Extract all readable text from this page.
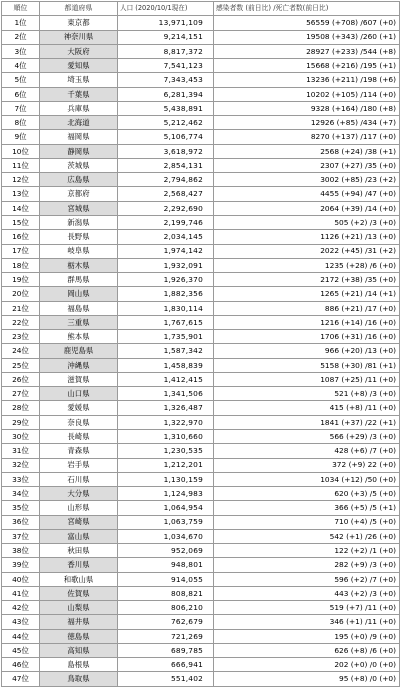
順位	都道府県	人口 (2020/10/1現在)	感染者数 (前日比) /死亡者数(前日比)
1位	東京都	13,971,109	56559 (+708) /607 (+0)
2位	神奈川県	9,214,151	19508 (+343) /260 (+1)
3位	大阪府	8,817,372	28927 (+233) /544 (+8)
4位	愛知県	7,541,123	15668 (+216) /195 (+1)
5位	埼玉県	7,343,453	13236 (+211) /198 (+6)
6位	千葉県	6,281,394	10202 (+105) /114 (+0)
7位	兵庫県	5,438,891	9328 (+164) /180 (+8)
8位	北海道	5,212,462	12926 (+85) /434 (+7)
9位	福岡県	5,106,774	8270 (+137) /117 (+0)
10位	静岡県	3,618,972	2568 (+24) /38 (+1)
11位	茨城県	2,854,131	2307 (+27) /35 (+0)
12位	広島県	2,794,862	3002 (+85) /23 (+2)
13位	京都府	2,568,427	4455 (+94) /47 (+0)
14位	宮城県	2,292,690	2064 (+39) /14 (+0)
15位	新潟県	2,199,746	505 (+2) /3 (+0)
16位	長野県	2,034,145	1126 (+21) /13 (+0)
17位	岐阜県	1,974,142	2022 (+45) /31 (+2)
18位	栃木県	1,932,091	1235 (+28) /6 (+0)
19位	群馬県	1,926,370	2172 (+38) /35 (+0)
20位	岡山県	1,882,356	1265 (+21) /14 (+1)
21位	福島県	1,830,114	886 (+21) /17 (+0)
22位	三重県	1,767,615	1216 (+14) /16 (+0)
23位	熊本県	1,735,901	1706 (+31) /16 (+0)
24位	鹿児島県	1,587,342	966 (+20) /13 (+0)
25位	沖縄県	1,458,839	5158 (+30) /81 (+1)
26位	滋賀県	1,412,415	1087 (+25) /11 (+0)
27位	山口県	1,341,506	521 (+8) /3 (+0)
28位	愛媛県	1,326,487	415 (+8) /11 (+0)
29位	奈良県	1,322,970	1841 (+37) /22 (+1)
30位	長崎県	1,310,660	566 (+29) /3 (+0)
31位	青森県	1,230,535	428 (+6) /7 (+0)
32位	岩手県	1,212,201	372 (+9) 22 (+0)
33位	石川県	1,130,159	1034 (+12) /50 (+0)
34位	大分県	1,124,983	620 (+3) /5 (+0)
35位	山形県	1,064,954	366 (+5) /5 (+1)
36位	宮崎県	1,063,759	710 (+4) /5 (+0)
37位	富山県	1,034,670	542 (+1) /26 (+0)
38位	秋田県	952,069	122 (+2) /1 (+0)
39位	香川県	948,801	282 (+9) /3 (+0)
40位	和歌山県	914,055	596 (+2) /7 (+0)
41位	佐賀県	808,821	443 (+2) /3 (+0)
42位	山梨県	806,210	519 (+7) /11 (+0)
43位	福井県	762,679	346 (+1) /11 (+0)
44位	徳島県	721,269	195 (+0) /9 (+0)
45位	高知県	689,785	626 (+8) /6 (+0)
46位	島根県	666,941	202 (+0) /0 (+0)
47位	鳥取県	551,402	95 (+8) /0 (+0)
